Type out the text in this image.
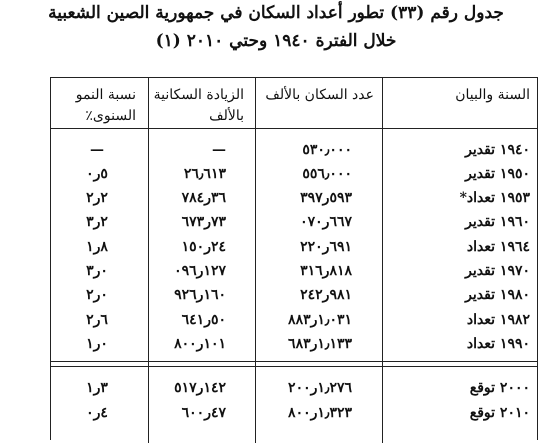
جدول رقم (٣٣) تطور أعداد السكان في جمهورية الصين الشعبية
خلال الفترة ١٩٤٠ وحتي ٢٠١٠ (١)
السنة والبيان
عدد السكان بالألف
الزيادة السكانية
بالألف
نسبة النمو
السنوى٪
١٩٤٠ تقدير
٥٣٠٫٠٠٠
—
—
١٩٥٠ تقدير
٥٥٦٫٠٠٠
٢٦٫٦١٣
٥ر٠
١٩٥٣ تعداد*
٥٩٣ر٣٩٧
٣٦ر٧٨٤
٢ر٢
١٩٦٠ تقدير
٦٦٧ر٠٧٠
٧٣ر٦٧٣
٢ر٣
١٩٦٤ تعداد
٦٩١ر٢٢٠
٢٤ر١٥٠
٨ر١
١٩٧٠ تقدير
٨١٨ر٣١٦
١٢٧ر٠٩٦
٠ر٣
١٩٨٠ تقدير
٩٨١ر٢٤٢
١٦٠ر٩٢٦
٠ر٢
١٩٨٢ تعداد
١٫٠٣١ر٨٨٣
٥٠ر٦٤١
٦ر٢
١٩٩٠ تعداد
١٫١٣٣ر٦٨٣
١٠١ر٨٠٠
٠ر١
٢٠٠٠ توقع
١٫٢٧٦ر٢٠٠
١٤٢ر٥١٧
٣ر١
٢٠١٠ توقع
١٫٣٢٣ر٨٠٠
٤٧ر٦٠٠
٤ر٠
